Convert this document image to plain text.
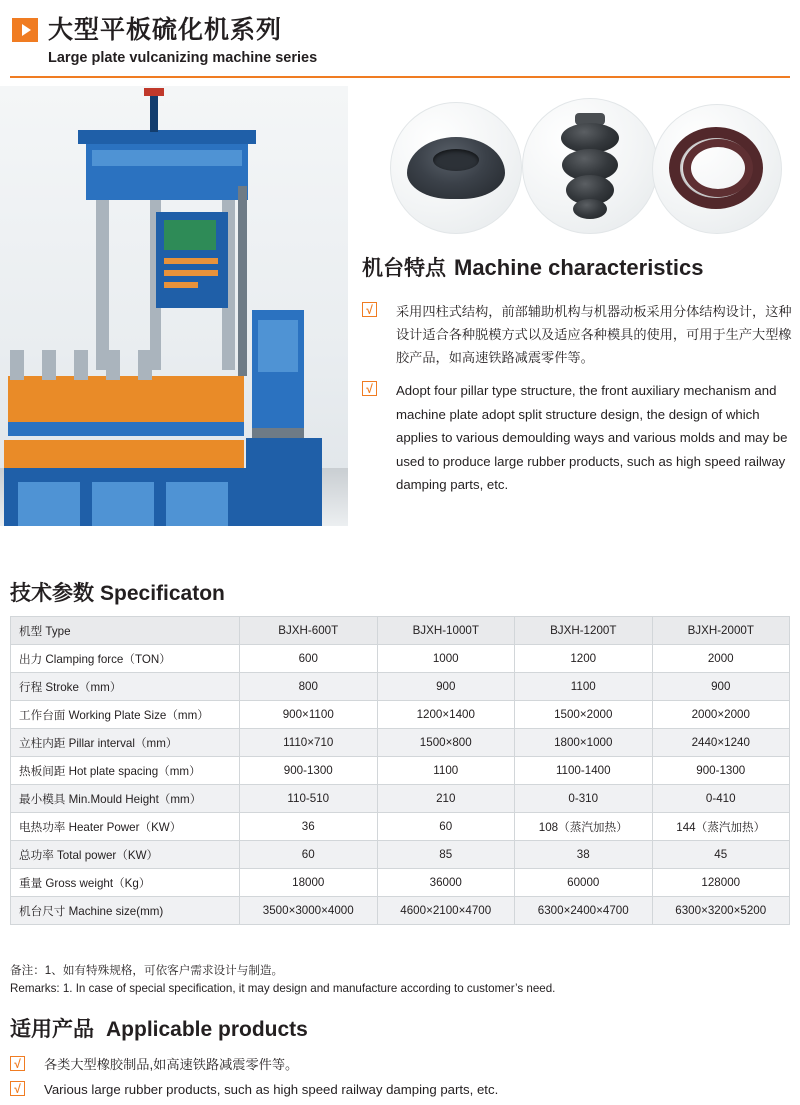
大型平板硫化机系列
Large plate vulcanizing machine series
机台特点 Machine characteristics
√	采用四柱式结构，前部辅助机构与机器动板采用分体结构设计，这种设计适合各种脱模方式以及适应各种模具的使用，可用于生产大型橡胶产品，如高速铁路减震零件等。
√	Adopt four pillar type structure, the front auxiliary mechanism and machine plate adopt split structure design, the design of which applies to various demoulding ways and various molds and may be used to produce large rubber products, such as high speed railway damping parts, etc.
技术参数 Specificaton
机型 Type	BJXH-600T	BJXH-1000T	BJXH-1200T	BJXH-2000T
出力 Clamping force（TON）	600	1000	1200	2000
行程 Stroke（mm）	800	900	1100	900
工作台面 Working Plate Size（mm）	900×1100	1200×1400	1500×2000	2000×2000
立柱内距 Pillar interval（mm）	1110×710	1500×800	1800×1000	2440×1240
热板间距 Hot plate spacing（mm）	900-1300	1100	1100-1400	900-1300
最小模具 Min.Mould Height（mm）	110-510	210	0-310	0-410
电热功率 Heater Power（KW）	36	60	108（蒸汽加热）	144（蒸汽加热）
总功率 Total power（KW）	60	85	38	45
重量 Gross weight（Kg）	18000	36000	60000	128000
机台尺寸 Machine size(mm)	3500×3000×4000	4600×2100×4700	6300×2400×4700	6300×3200×5200
备注：1、如有特殊规格，可依客户需求设计与制造。
Remarks: 1. In case of special specification, it may design and manufacture according to customer’s need.
适用产品 Applicable products
√	各类大型橡胶制品,如高速铁路减震零件等。
√	Various large rubber products, such as high speed railway damping parts, etc.
